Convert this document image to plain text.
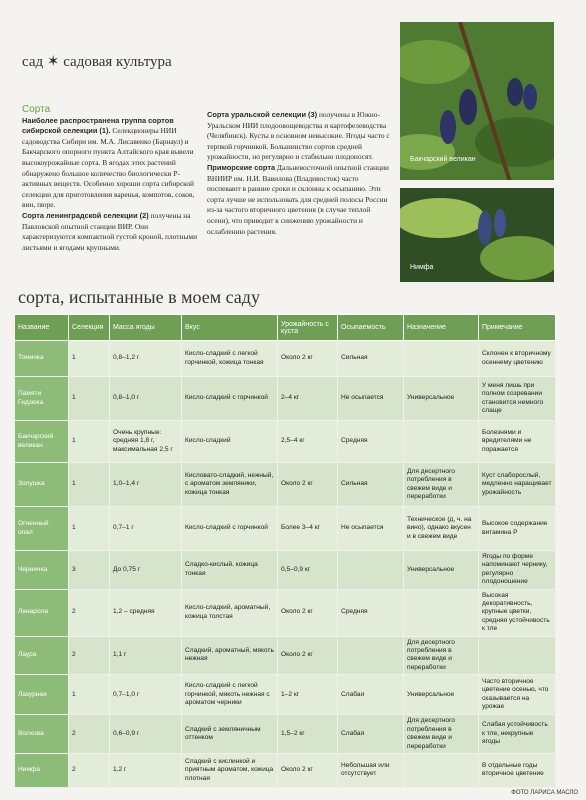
сад ✶ садовая культура
Сорта
Наиболее распространена группа сортов сибирской селекции (1). Селекционеры НИИ садоводства Сибири им. М.А. Лисавенко (Барнаул) и Бакчарского опорного пункта Алтайского края вывели высокоурожайные сорта. В ягодах этих растений обнаружено большое количество биологически Р-активных веществ. Особенно хороши сорта сибирской селекции для приготовления варенья, компотов, соков, вин, пюре.
Сорта ленинградской селекции (2) получены на Павловской опытной станции ВИР. Они характеризуются компактной густой кроной, плотными листьями и ягодами крупными.
Сорта уральской селекции (3) получены в Южно-Уральском НИИ плодоовощеводства и картофелеводства (Челябинск). Кусты в основном невысокие. Ягоды часто с терпкой горчинкой. Большинство сортов средней урожайности, но регулярно и стабильно плодоносят. Приморские сорта Дальневосточной опытной станции ВНИИР им. Н.И. Вавилова (Владивосток) часто поспевают в ранние сроки и склонны к осыпанию. Эти сорта лучше не использовать для средней полосы России из-за частого вторичного цветения (в случае теплой осени), что приводит к снижению урожайности и ослаблению растения.
Бакчарский великан
Нимфа
сорта, испытанные в моем саду
Название	Селекция	Масса ягоды	Вкус	Урожайность с куста	Осыпаемость	Назначение	Примечание
Томичка	1	0,8–1,2 г	Кисло-сладкий с легкой горчинкой, кожица тонкая	Около 2 кг	Сильная		Склонен к вторичному осеннему цветению
Памяти Гидзюка	1	0,8–1,0 г	Кисло-сладкий с горчинкой	2–4 кг	Не осыпается	Универсальное	У меня лишь при полном созревании становится немного слаще
Бакчарский великан	1	Очень крупные: средняя 1,8 г, максимальная 2,5 г	Кисло-сладкий	2,5–4 кг	Средняя		Болезнями и вредителями не поражается
Золушка	1	1,0–1,4 г	Кисловато-сладкий, нежный, с ароматом земляники, кожица тонкая	Около 2 кг	Сильная	Для десертного потребления в свежем виде и переработки	Куст слаборослый, медленно наращивает урожайность
Огненный опал	1	0,7–1 г	Кисло-сладкий с горчинкой	Более 3–4 кг	Не осыпается	Техническое (д, ч. на вино), однако вкусен и в свежем виде	Высокое содержание витамина Р
Черничка	3	До 0,75 г	Сладко-кислый, кожица тонкая	0,5–0,9 кг		Универсальное	Ягоды по форме напоминают чернику, регулярно плодоношение
Ленарола	2	1,2 – средняя	Кисло-сладкий, ароматный, кожица толстая	Около 2 кг	Средняя		Высокая декоративность, крупные цветки, средняя устойчивость к тле
Лаура	2	1,1 г	Сладкий, ароматный, мякоть нежная	Около 2 кг		Для десертного потребления в свежем виде и переработки	
Лазурная	1	0,7–1,0 г	Кисло-сладкий с легкой горчинкой, мякоть нежная с ароматом черники	1–2 кг	Слабая	Универсальное	Часто вторичное цветение осенью, что сказывается на урожае
Волхова	2	0,6–0,9 г	Сладкий с земляничным оттенком	1,5–2 кг	Слабая	Для десертного потребления в свежем виде и переработки	Слабая устойчивость к тле, некрупные ягоды
Нимфа	2	1,2 г	Сладкий с кислинкой и приятным ароматом, кожица плотная	Около 2 кг	Небольшая или отсутствует		В отдельные годы вторичное цветение
ФОТО ЛАРИСА МАСЛО
